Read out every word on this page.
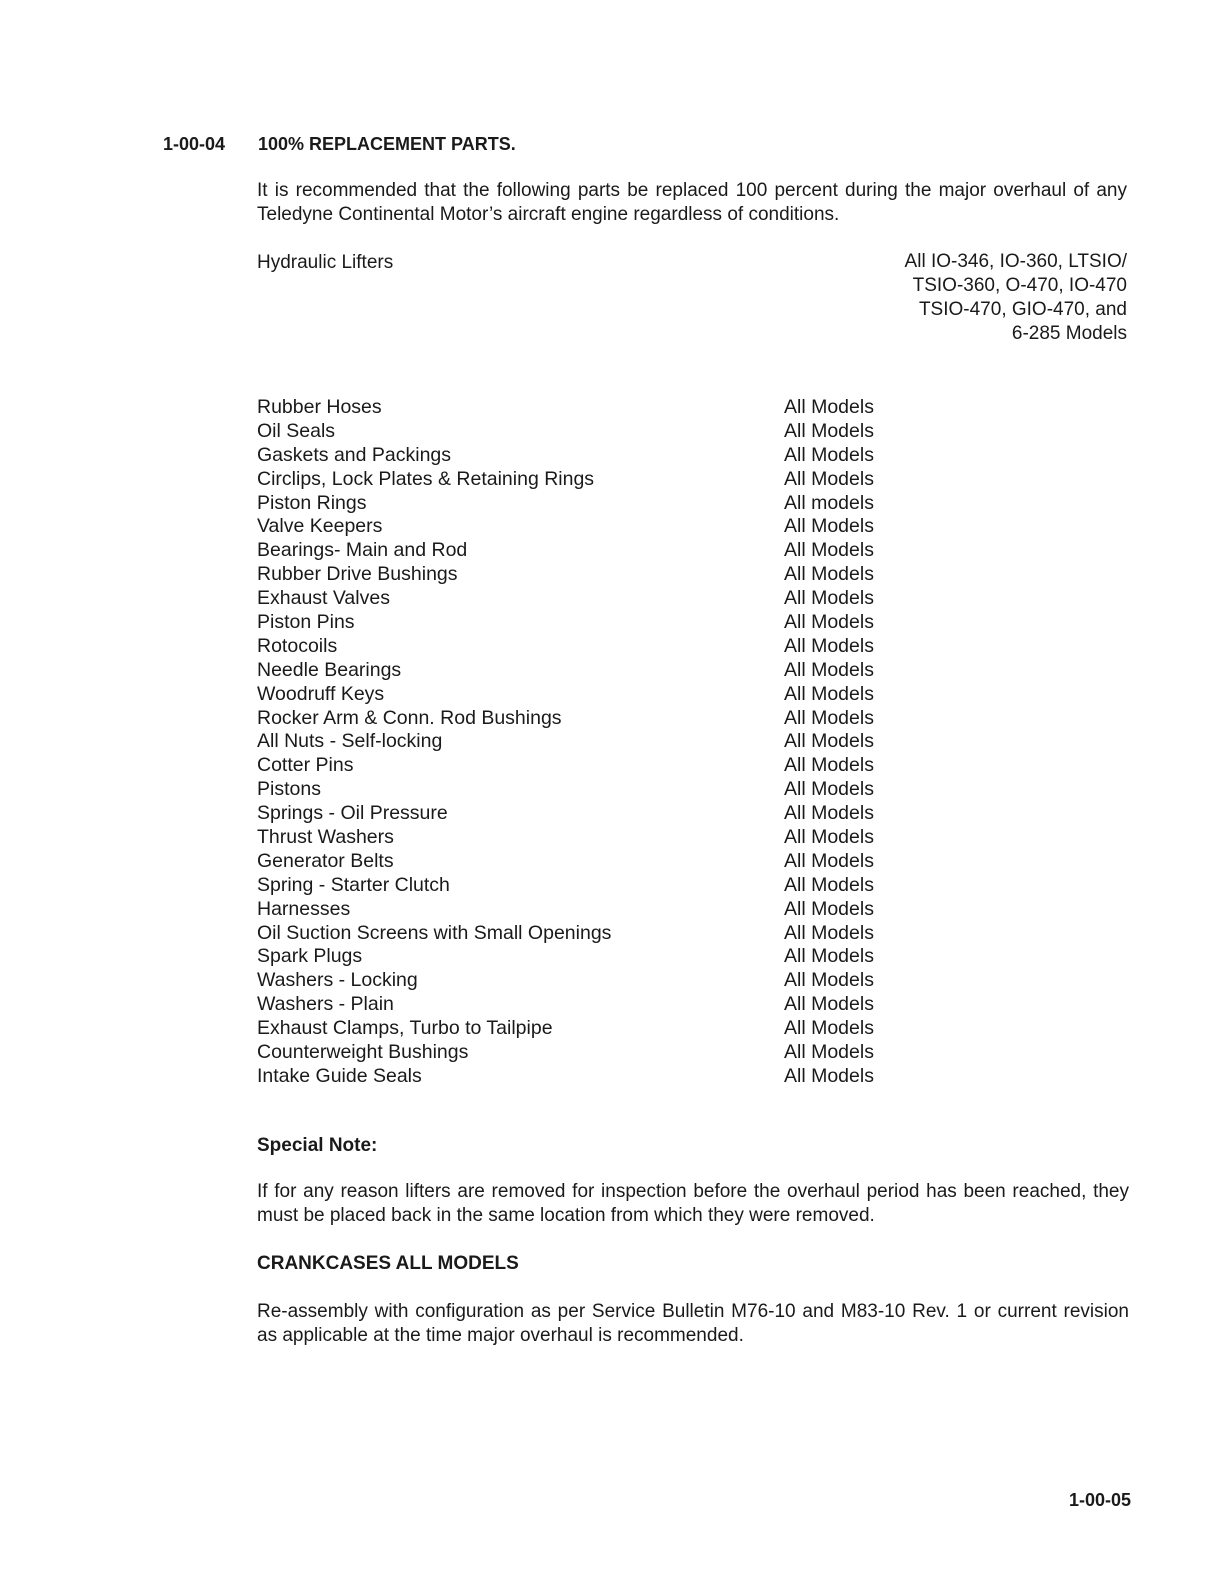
1-00-04 100% REPLACEMENT PARTS.
It is recommended that the following parts be replaced 100 percent during the major overhaul of any Teledyne Continental Motor’s aircraft engine regardless of conditions.
Hydraulic Lifters	All IO-346, IO-360, LTSIO/
TSIO-360, O-470, IO-470
TSIO-470, GIO-470, and
6-285 Models
Rubber Hoses	All Models
Oil Seals	All Models
Gaskets and Packings	All Models
Circlips, Lock Plates & Retaining Rings	All Models
Piston Rings	All models
Valve Keepers	All Models
Bearings- Main and Rod	All Models
Rubber Drive Bushings	All Models
Exhaust Valves	All Models
Piston Pins	All Models
Rotocoils	All Models
Needle Bearings	All Models
Woodruff Keys	All Models
Rocker Arm & Conn. Rod Bushings	All Models
All Nuts - Self-locking	All Models
Cotter Pins	All Models
Pistons	All Models
Springs - Oil Pressure	All Models
Thrust Washers	All Models
Generator Belts	All Models
Spring - Starter Clutch	All Models
Harnesses	All Models
Oil Suction Screens with Small Openings	All Models
Spark Plugs	All Models
Washers - Locking	All Models
Washers - Plain	All Models
Exhaust Clamps, Turbo to Tailpipe	All Models
Counterweight Bushings	All Models
Intake Guide Seals	All Models
Special Note:
If for any reason lifters are removed for inspection before the overhaul period has been reached, they must be placed back in the same location from which they were removed.
CRANKCASES ALL MODELS
Re-assembly with configuration as per Service Bulletin M76-10 and M83-10 Rev. 1 or current revision as applicable at the time major overhaul is recommended.
1-00-05
